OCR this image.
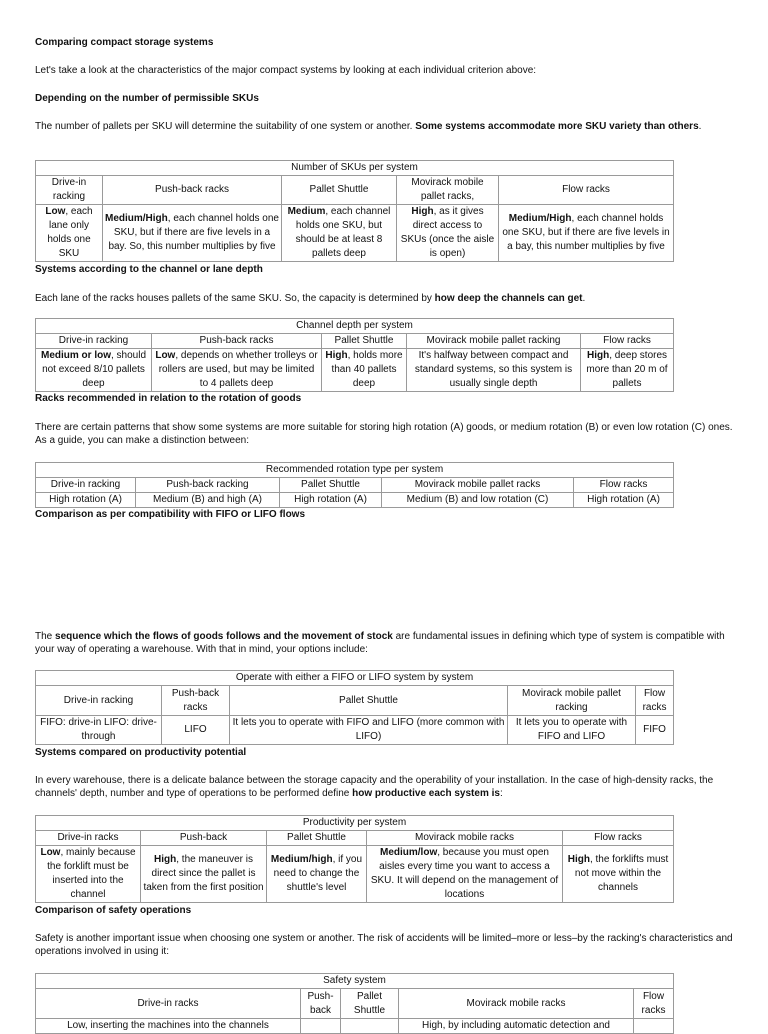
Comparing compact storage systems

Let's take a look at the characteristics of the major compact systems by looking at each individual criterion above:

Depending on the number of permissible SKUs

The number of pallets per SKU will determine the suitability of one system or another. Some systems accommodate more SKU variety than others.

Number of SKUs per system				
Drive-in racking	Push-back racks	Pallet Shuttle	Movirack mobile pallet racks,	Flow racks
Low, each lane only holds one SKU	Medium/High, each channel holds one SKU, but if there are five levels in a bay. So, this number multiplies by five	Medium, each channel holds one SKU, but should be at least 8 pallets deep	High, as it gives direct access to SKUs (once the aisle is open)	Medium/High, each channel holds one SKU, but if there are five levels in a bay, this number multiplies by five

Systems according to the channel or lane depth

Each lane of the racks houses pallets of the same SKU. So, the capacity is determined by how deep the channels can get.

Channel depth per system				
Drive-in racking	Push-back racks	Pallet Shuttle	Movirack mobile pallet racking	Flow racks
Medium or low, should not exceed 8/10 pallets deep	Low, depends on whether trolleys or rollers are used, but may be limited to 4 pallets deep	High, holds more than 40 pallets deep	It's halfway between compact and standard systems, so this system is usually single depth	High, deep stores more than 20 m of pallets

Racks recommended in relation to the rotation of goods

There are certain patterns that show some systems are more suitable for storing high rotation (A) goods, or medium rotation (B) or even low rotation (C) ones. As a guide, you can make a distinction between:

Recommended rotation type per system				
Drive-in racking	Push-back racking	Pallet Shuttle	Movirack mobile pallet racks	Flow racks
High rotation (A)	Medium (B) and high (A)	High rotation (A)	Medium (B) and low rotation (C)	High rotation (A)

Comparison as per compatibility with FIFO or LIFO flows

The sequence which the flows of goods follows and the movement of stock are fundamental issues in defining which type of system is compatible with your way of operating a warehouse. With that in mind, your options include:

Operate with either a FIFO or LIFO system by system				
Drive-in racking	Push-back racks	Pallet Shuttle	Movirack mobile pallet racking	Flow racks
FIFO: drive-in LIFO: drive-through	LIFO	It lets you to operate with FIFO and LIFO (more common with LIFO)	It lets you to operate with FIFO and LIFO	FIFO

Systems compared on productivity potential

In every warehouse, there is a delicate balance between the storage capacity and the operability of your installation. In the case of high-density racks, the channels' depth, number and type of operations to be performed define how productive each system is:

Productivity per system				
Drive-in racks	Push-back	Pallet Shuttle	Movirack mobile racks	Flow racks
Low, mainly because the forklift must be inserted into the channel	High, the maneuver is direct since the pallet is taken from the first position	Medium/high, if you need to change the shuttle's level	Medium/low, because you must open aisles every time you want to access a SKU. It will depend on the management of locations	High, the forklifts must not move within the channels

Comparison of safety operations

Safety is another important issue when choosing one system or another. The risk of accidents will be limited–more or less–by the racking's characteristics and operations involved in using it:

Safety system				
Drive-in racks	Push-back	Pallet Shuttle	Movirack mobile racks	Flow racks
Low, inserting the machines into the channels			High, by including automatic detection and	
